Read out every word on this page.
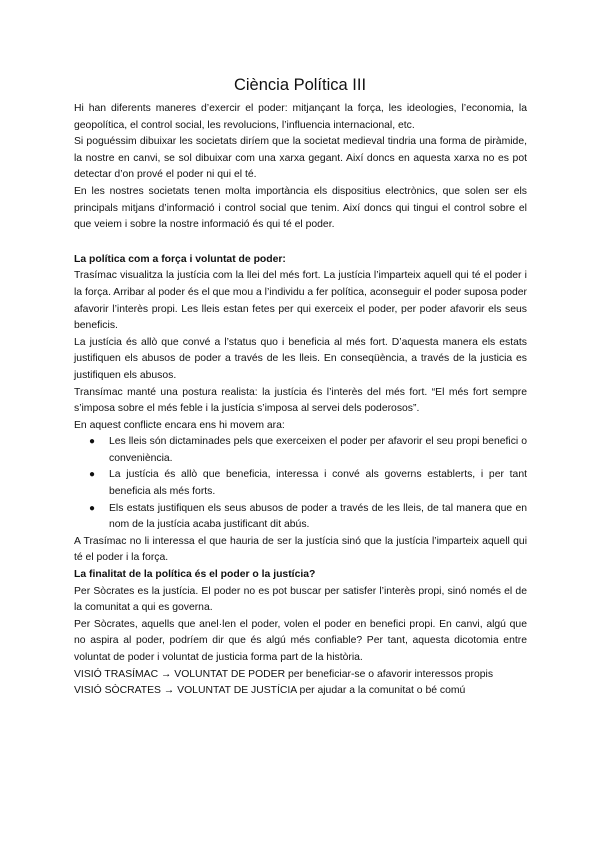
Ciència Política III

Hi han diferents maneres d’exercir el poder: mitjançant la força, les ideologies, l’economia, la geopolítica, el control social, les revolucions, l’influencia internacional, etc.

Si poguéssim dibuixar les societats diríem que la societat medieval tindria una forma de piràmide, la nostre en canvi, se sol dibuixar com una xarxa gegant. Així doncs en aquesta xarxa no es pot detectar d’on prové el poder ni qui el té.

En les nostres societats tenen molta importància els dispositius electrònics, que solen ser els principals mitjans d’informació i control social que tenim. Així doncs qui tingui el control sobre el que veiem i sobre la nostre informació és qui té el poder.

La política com a força i voluntat de poder:

Trasímac visualitza la justícia com la llei del més fort. La justícia l’imparteix aquell qui té el poder i la força. Arribar al poder és el que mou a l’individu a fer política, aconseguir el poder suposa poder afavorir l’interès propi. Les lleis estan fetes per qui exerceix el poder, per poder afavorir els seus beneficis.

La justícia és allò que convé a l’status quo i beneficia al més fort. D’aquesta manera els estats justifiquen els abusos de poder a través de les lleis. En conseqüència, a través de la justicia es justifiquen els abusos.

Transímac manté una postura realista: la justícia és l’interès del més fort. “El més fort sempre s’imposa sobre el més feble i la justícia s’imposa al servei dels poderosos”.

En aquest conflicte encara ens hi movem ara:

● Les lleis són dictaminades pels que exerceixen el poder per afavorir el seu propi benefici o conveniència.
● La justícia és allò que beneficia, interessa i convé als governs establerts, i per tant beneficia als més forts.
● Els estats justifiquen els seus abusos de poder a través de les lleis, de tal manera que en nom de la justícia acaba justificant dit abús.

A Trasímac no li interessa el que hauria de ser la justícia sinó que la justícia l’imparteix aquell qui té el poder i la força.

La finalitat de la política és el poder o la justícia?

Per Sòcrates es la justícia. El poder no es pot buscar per satisfer l’interès propi, sinó només el de la comunitat a qui es governa.

Per Sòcrates, aquells que anel·len el poder, volen el poder en benefici propi. En canvi, algú que no aspira al poder, podríem dir que és algú més confiable? Per tant, aquesta dicotomia entre voluntat de poder i voluntat de justicia forma part de la història.

VISIÓ TRASÍMAC → VOLUNTAT DE PODER per beneficiar-se o afavorir interessos propis

VISIÓ SÒCRATES → VOLUNTAT DE JUSTÍCIA per ajudar a la comunitat o bé comú
